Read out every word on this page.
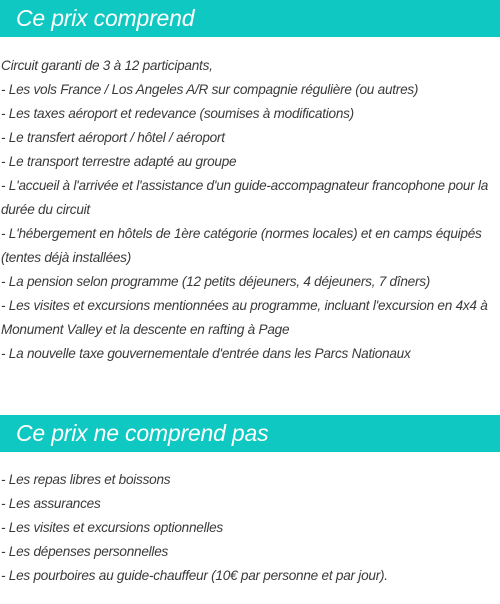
Ce prix comprend
Circuit garanti de 3 à 12 participants,
- Les vols France / Los Angeles A/R sur compagnie régulière (ou autres)
- Les taxes aéroport et redevance (soumises à modifications)
- Le transfert aéroport / hôtel / aéroport
- Le transport terrestre adapté au groupe
- L'accueil à l'arrivée et l'assistance d'un guide-accompagnateur francophone pour la durée du circuit
- L'hébergement en hôtels de 1ère catégorie (normes locales) et en camps équipés (tentes déjà installées)
- La pension selon programme (12 petits déjeuners, 4 déjeuners, 7 dîners)
- Les visites et excursions mentionnées au programme, incluant l'excursion en 4x4 à Monument Valley et la descente en rafting à Page
- La nouvelle taxe gouvernementale d'entrée dans les Parcs Nationaux
Ce prix ne comprend pas
- Les repas libres et boissons
- Les assurances
- Les visites et excursions optionnelles
- Les dépenses personnelles
- Les pourboires au guide-chauffeur (10€ par personne et par jour).
